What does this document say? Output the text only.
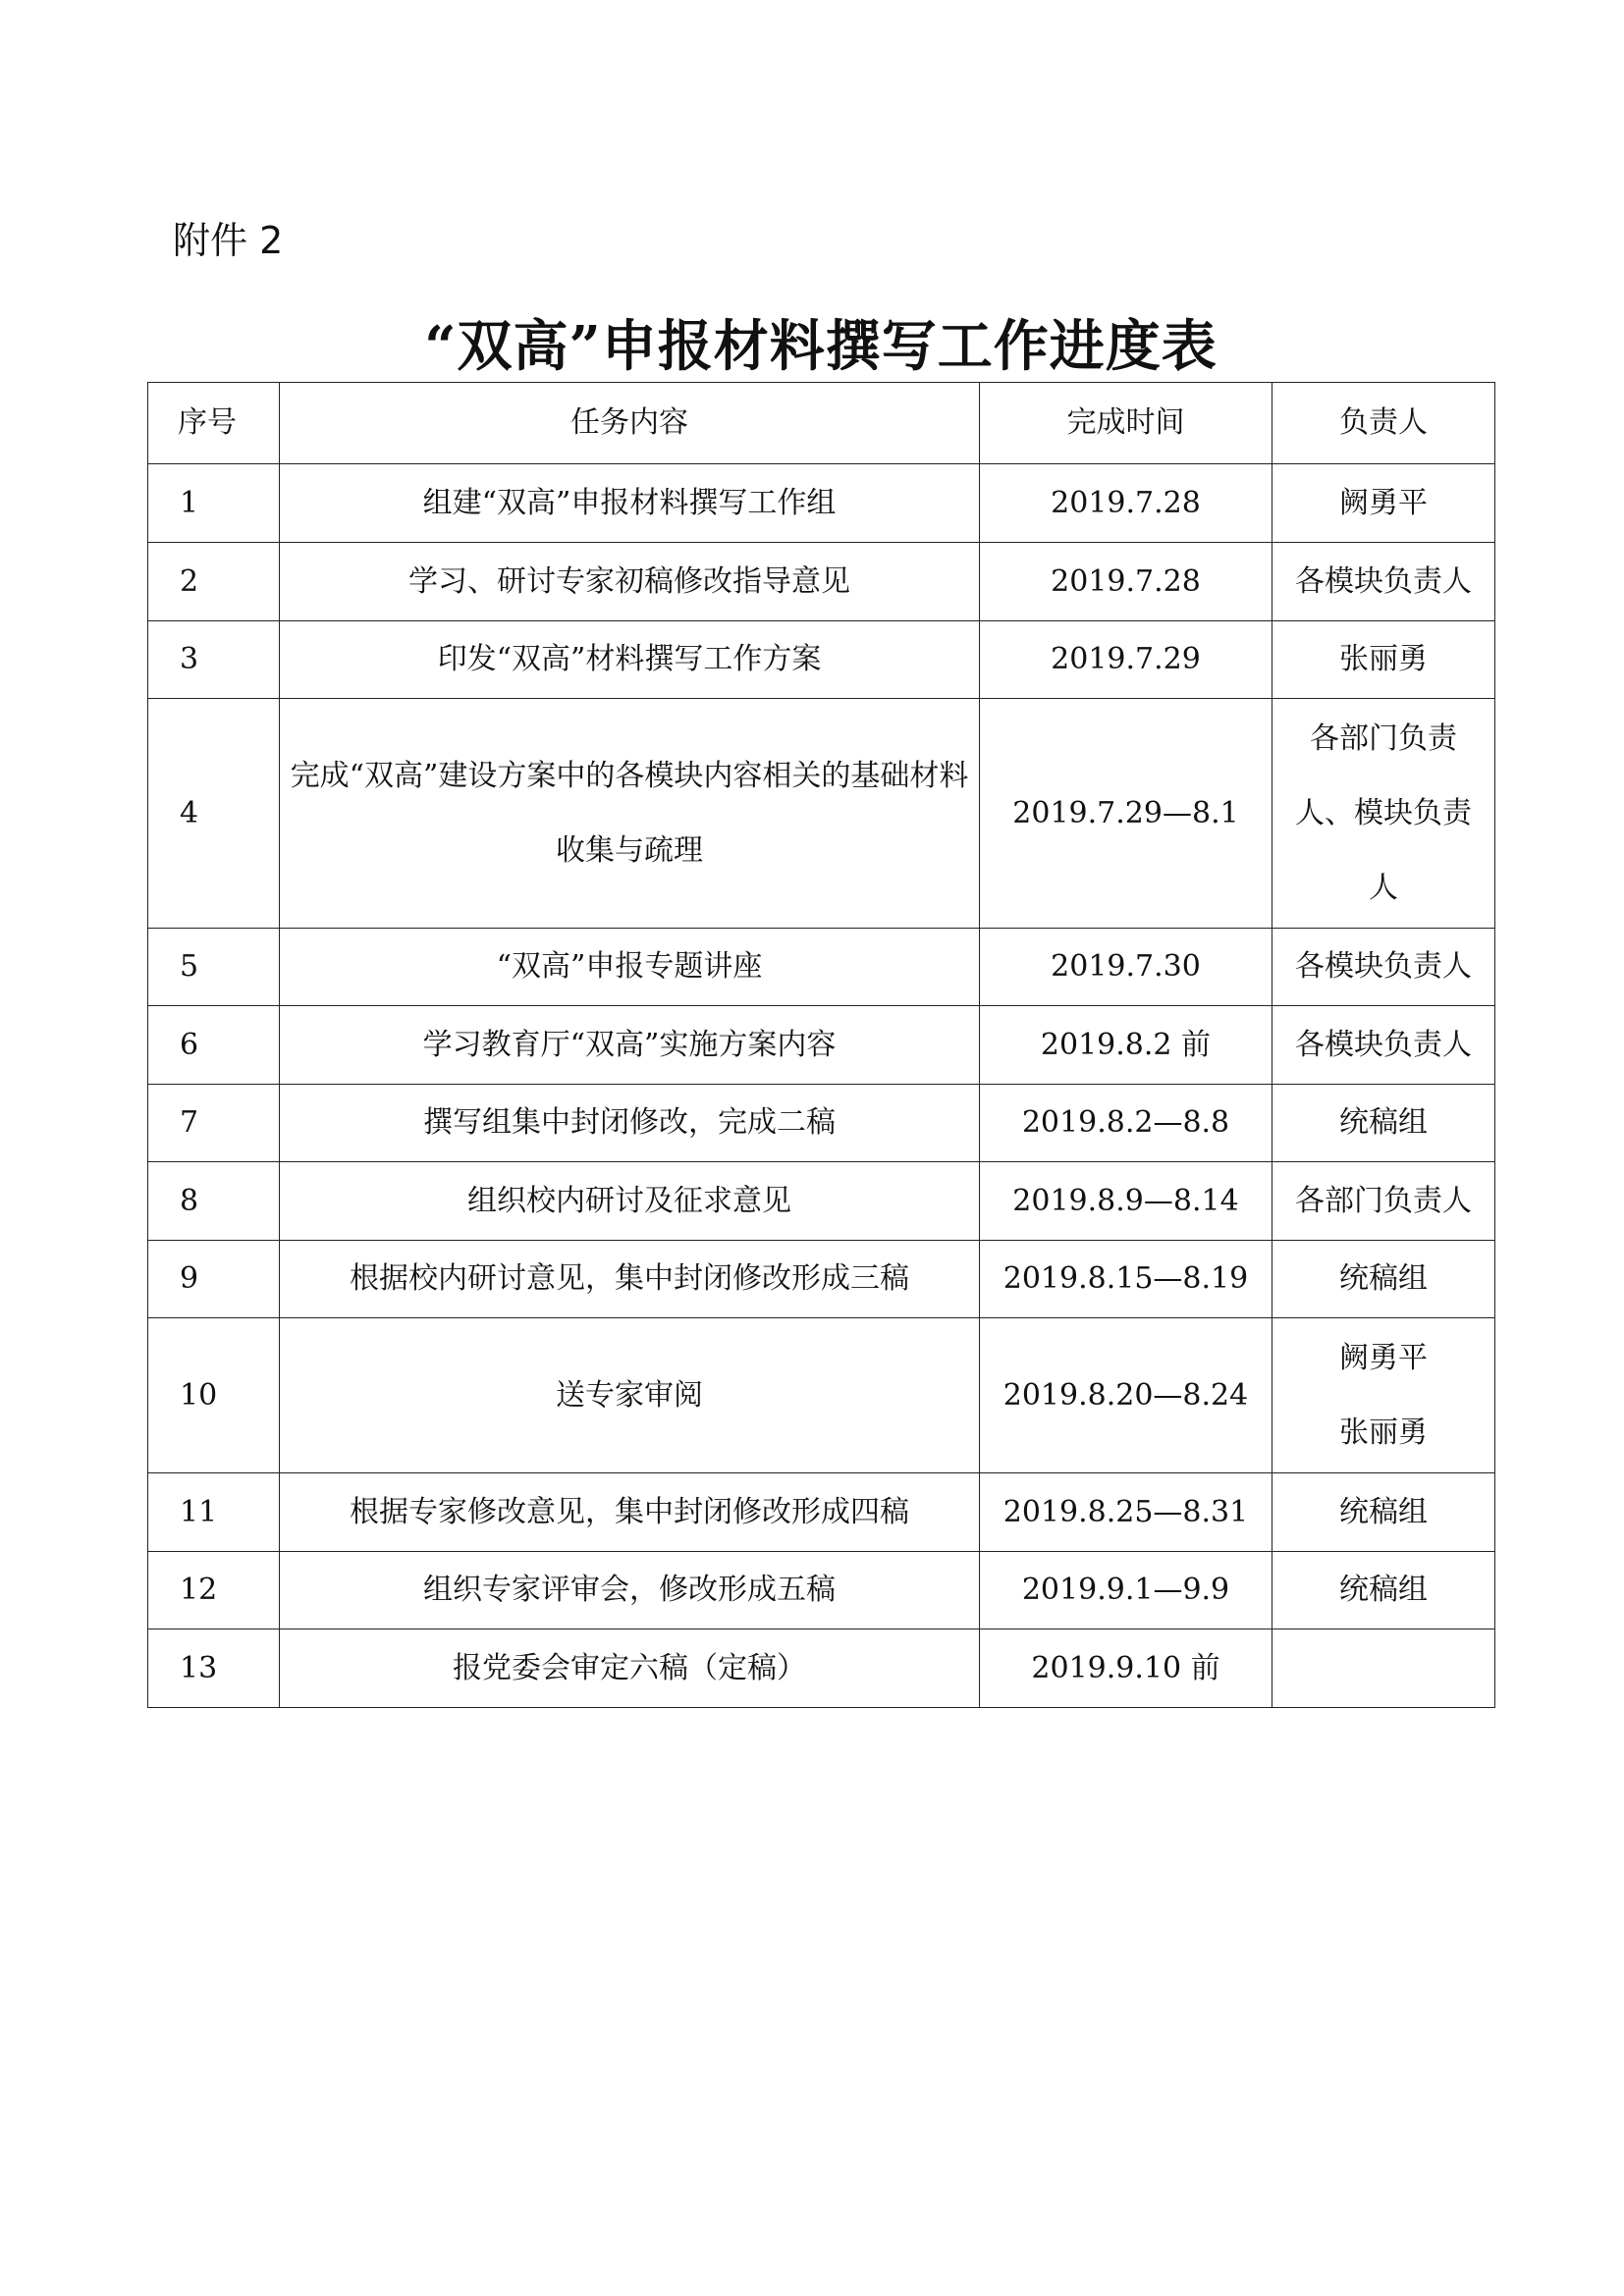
附件 2
“双高”申报材料撰写工作进度表
序号	任务内容	完成时间	负责人

1	组建“双高”申报材料撰写工作组	2019.7.28	阙勇平

2	学习、研讨专家初稿修改指导意见	2019.7.28	各模块负责人

3	印发“双高”材料撰写工作方案	2019.7.29	张丽勇

4	完成“双高”建设方案中的各模块内容相关的基础材料收集与疏理	2019.7.29—8.1	各部门负责人、模块负责人

5	“双高”申报专题讲座	2019.7.30	各模块负责人

6	学习教育厅“双高”实施方案内容	2019.8.2 前	各模块负责人

7	撰写组集中封闭修改，完成二稿	2019.8.2—8.8	统稿组

8	组织校内研讨及征求意见	2019.8.9—8.14	各部门负责人

9	根据校内研讨意见，集中封闭修改形成三稿	2019.8.15—8.19	统稿组

10	送专家审阅	2019.8.20—8.24	阙勇平
张丽勇

11	根据专家修改意见，集中封闭修改形成四稿	2019.8.25—8.31	统稿组

12	组织专家评审会，修改形成五稿	2019.9.1—9.9	统稿组

13	报党委会审定六稿（定稿）	2019.9.10 前	
